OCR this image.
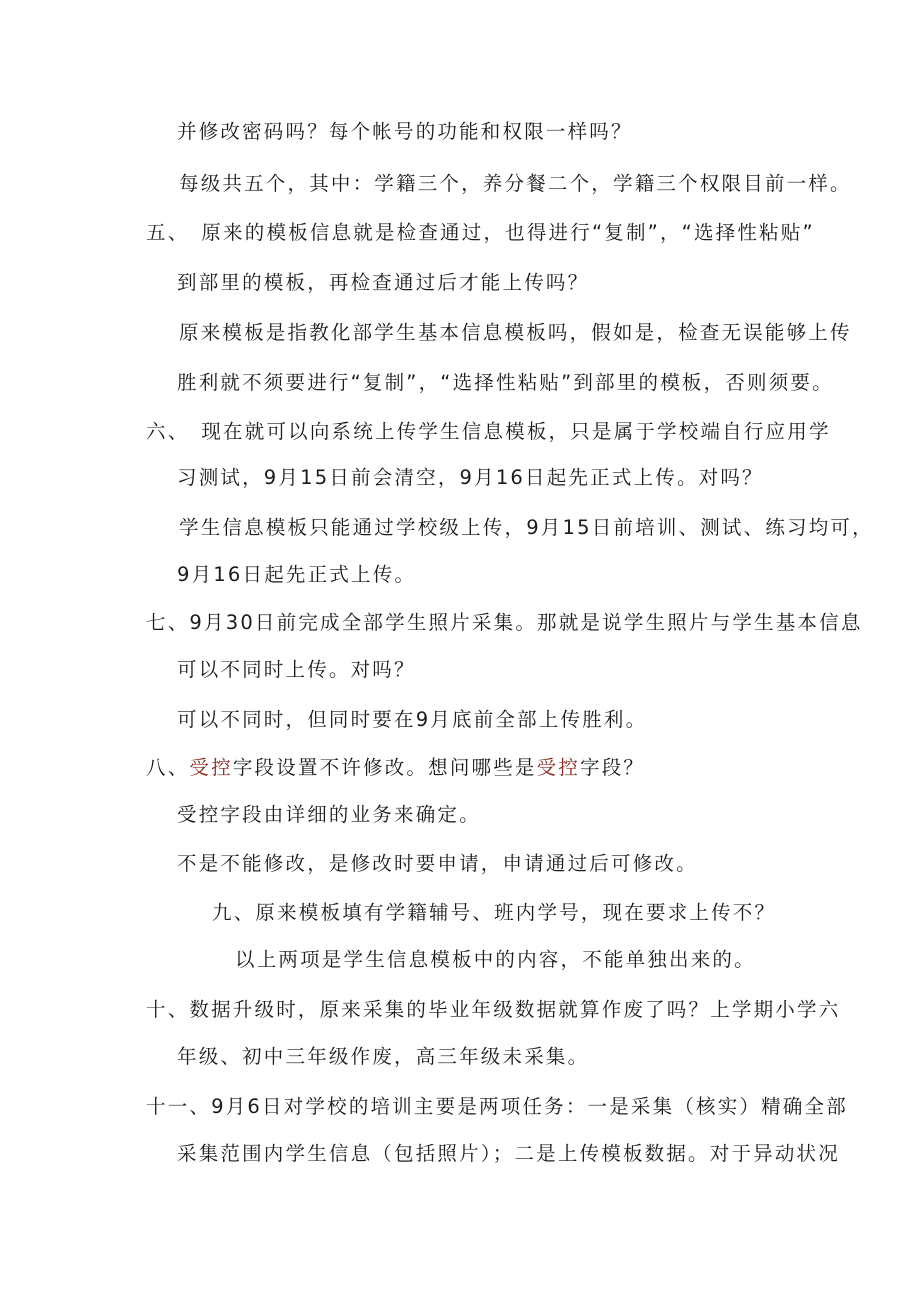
并修改密码吗？每个帐号的功能和权限一样吗？
每级共五个，其中：学籍三个，养分餐二个，学籍三个权限目前一样。
五、　原来的模板信息就是检查通过，也得进行“复制”，“选择性粘贴”
到部里的模板，再检查通过后才能上传吗？
原来模板是指教化部学生基本信息模板吗，假如是，检查无误能够上传
胜利就不须要进行“复制”，“选择性粘贴”到部里的模板，否则须要。
六、　现在就可以向系统上传学生信息模板，只是属于学校端自行应用学
习测试，9月15日前会清空，9月16日起先正式上传。对吗？
学生信息模板只能通过学校级上传，9月15日前培训、测试、练习均可，
9月16日起先正式上传。
七、9月30日前完成全部学生照片采集。那就是说学生照片与学生基本信息
可以不同时上传。对吗？
可以不同时，但同时要在9月底前全部上传胜利。
八、受控字段设置不许修改。想问哪些是受控字段？
受控字段由详细的业务来确定。
不是不能修改，是修改时要申请，申请通过后可修改。
九、原来模板填有学籍辅号、班内学号，现在要求上传不？
以上两项是学生信息模板中的内容，不能单独出来的。
十、数据升级时，原来采集的毕业年级数据就算作废了吗？上学期小学六
年级、初中三年级作废，高三年级未采集。
十一、9月6日对学校的培训主要是两项任务：一是采集（核实）精确全部
采集范围内学生信息（包括照片）；二是上传模板数据。对于异动状况
